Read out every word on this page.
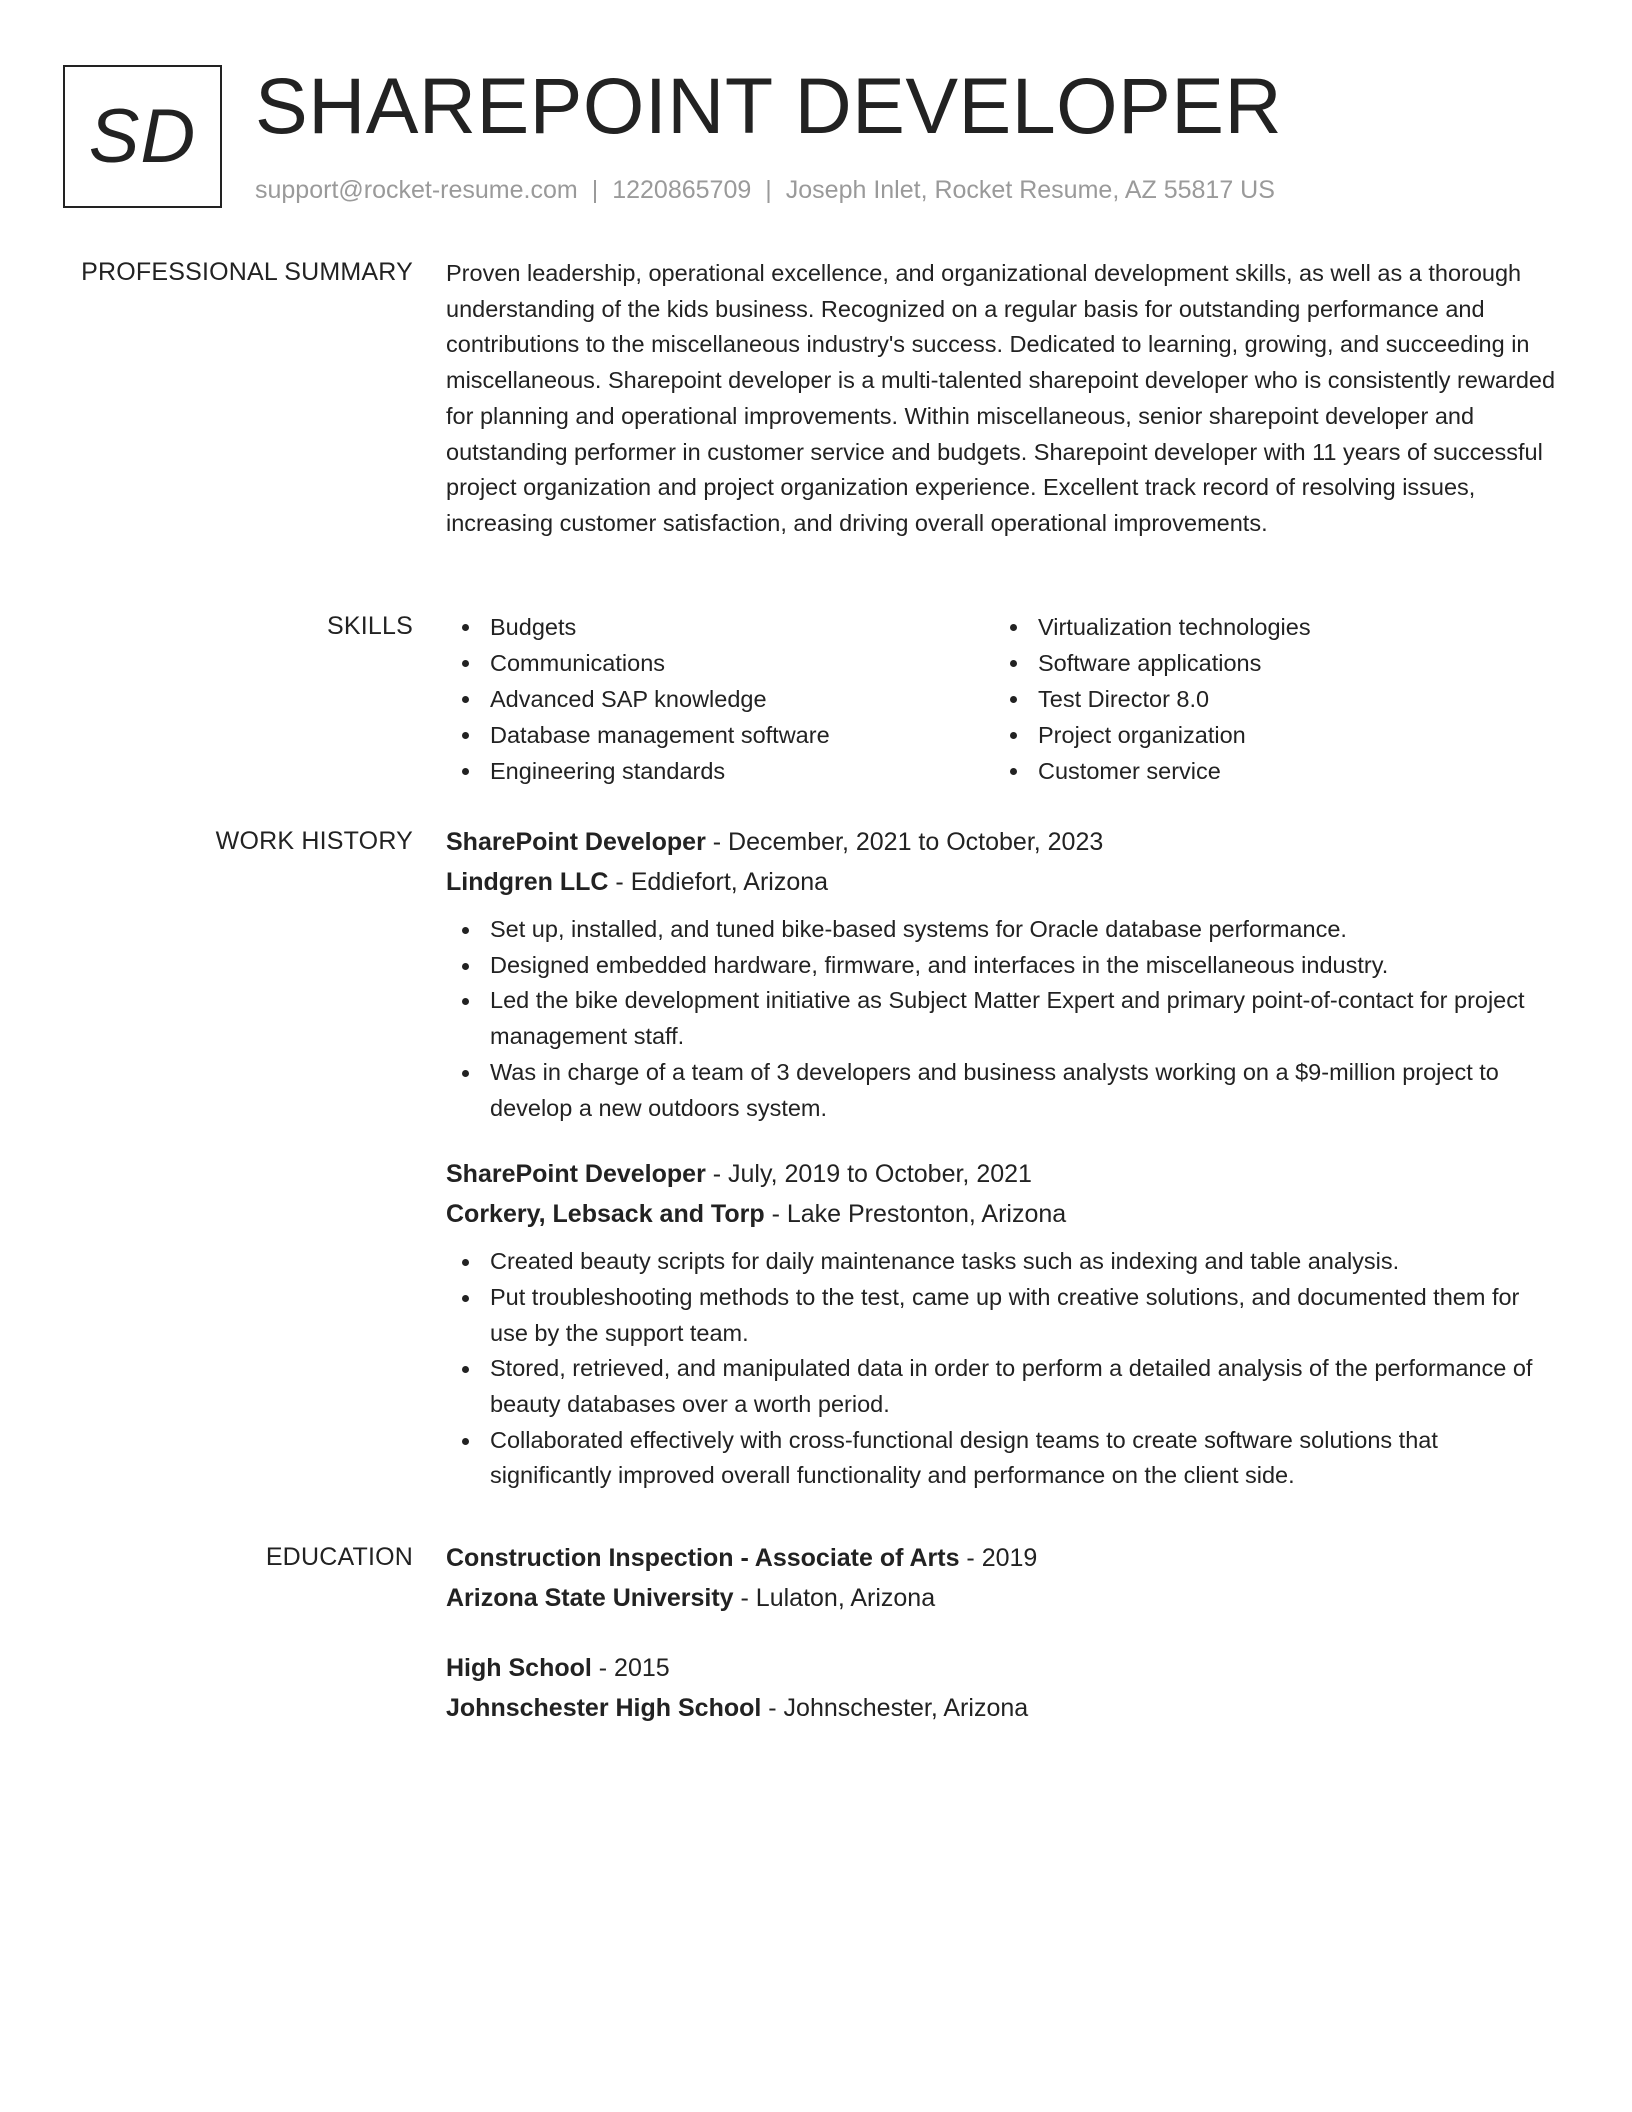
SD SHAREPOINT DEVELOPER
support@rocket-resume.com | 1220865709 | Joseph Inlet, Rocket Resume, AZ 55817 US
PROFESSIONAL SUMMARY Proven leadership, operational excellence, and organizational development skills, as well as a thorough understanding of the kids business. Recognized on a regular basis for outstanding performance and contributions to the miscellaneous industry's success. Dedicated to learning, growing, and succeeding in miscellaneous. Sharepoint developer is a multi-talented sharepoint developer who is consistently rewarded for planning and operational improvements. Within miscellaneous, senior sharepoint developer and outstanding performer in customer service and budgets. Sharepoint developer with 11 years of successful project organization and project organization experience. Excellent track record of resolving issues, increasing customer satisfaction, and driving overall operational improvements.

SKILLS	Budgets
Communications
Advanced SAP knowledge
Database management software
Engineering standards
Virtualization technologies
Software applications
Test Director 8.0
Project organization
Customer service
WORK HISTORY SharePoint Developer - December, 2021 to October, 2023
Lindgren LLC - Eddiefort, Arizona
Set up, installed, and tuned bike-based systems for Oracle database performance.
Designed embedded hardware, firmware, and interfaces in the miscellaneous industry.
Led the bike development initiative as Subject Matter Expert and primary point-of-contact for project management staff.
Was in charge of a team of 3 developers and business analysts working on a $9-million project to develop a new outdoors system.
SharePoint Developer - July, 2019 to October, 2021
Corkery, Lebsack and Torp - Lake Prestonton, Arizona
Created beauty scripts for daily maintenance tasks such as indexing and table analysis.
Put troubleshooting methods to the test, came up with creative solutions, and documented them for use by the support team.
Stored, retrieved, and manipulated data in order to perform a detailed analysis of the performance of beauty databases over a worth period.
Collaborated effectively with cross-functional design teams to create software solutions that significantly improved overall functionality and performance on the client side.
EDUCATION Construction Inspection - Associate of Arts - 2019
Arizona State University - Lulaton, Arizona
High School - 2015
Johnschester High School - Johnschester, Arizona
